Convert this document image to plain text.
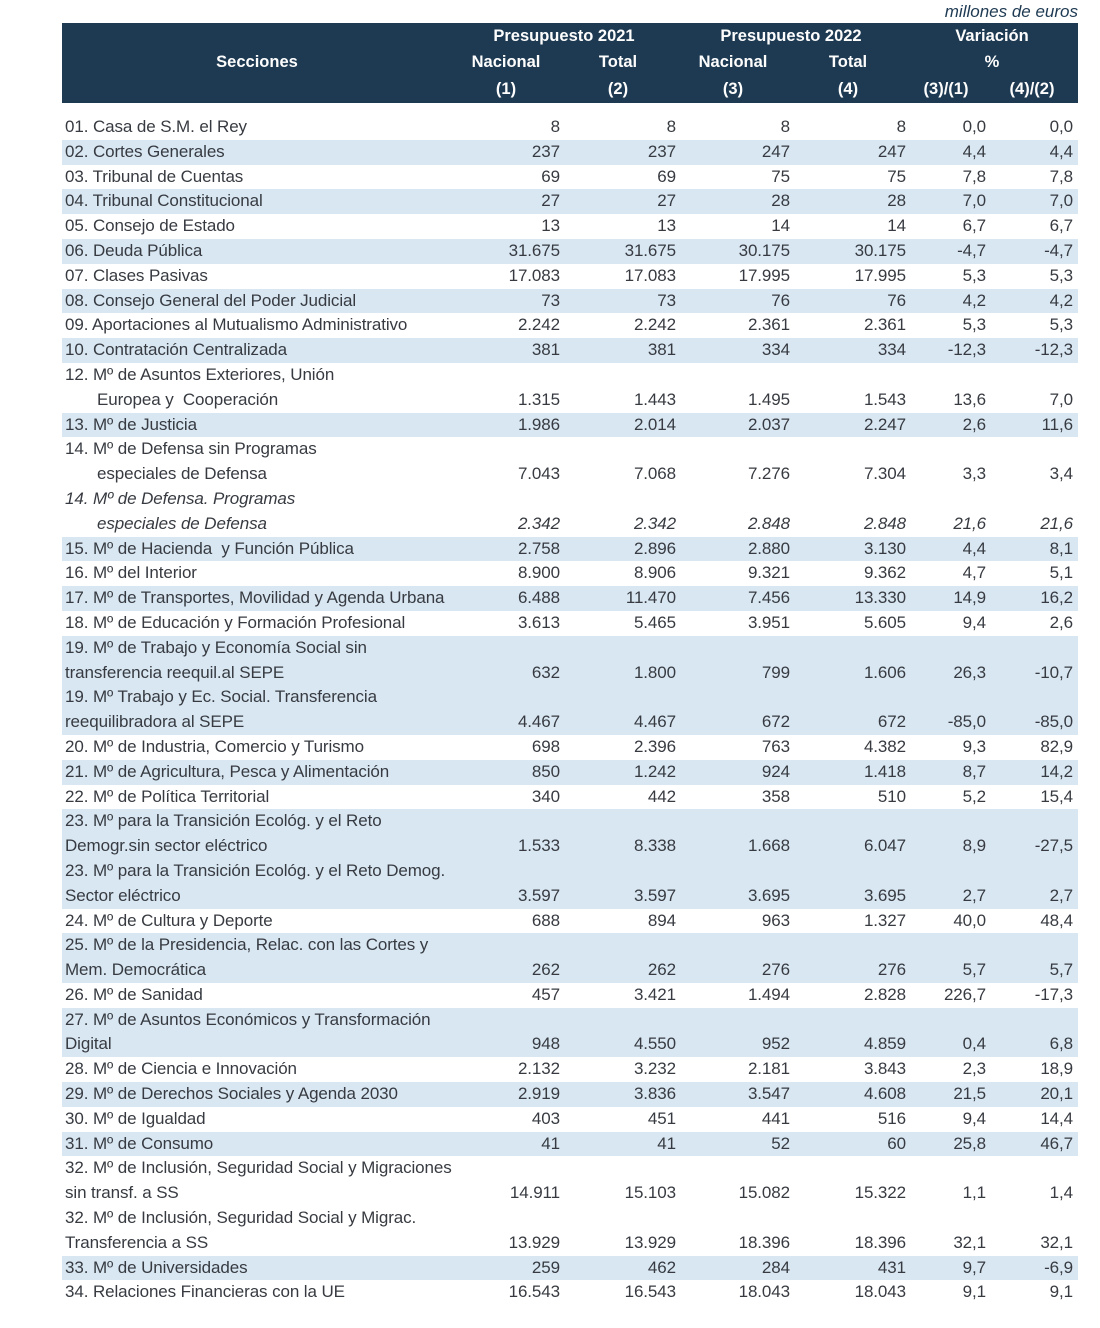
millones de euros
Presupuesto 2021	Presupuesto 2022	Variación
Secciones	Nacional	Total	Nacional	Total	%
(1)	(2)	(3)	(4)	(3)/(1)	(4)/(2)
01. Casa de S.M. el Rey	8	8	8	8	0,0	0,0
02. Cortes Generales	237	237	247	247	4,4	4,4
03. Tribunal de Cuentas	69	69	75	75	7,8	7,8
04. Tribunal Constitucional	27	27	28	28	7,0	7,0
05. Consejo de Estado	13	13	14	14	6,7	6,7
06. Deuda Pública	31.675	31.675	30.175	30.175	-4,7	-4,7
07. Clases Pasivas	17.083	17.083	17.995	17.995	5,3	5,3
08. Consejo General del Poder Judicial	73	73	76	76	4,2	4,2
09. Aportaciones al Mutualismo Administrativo	2.242	2.242	2.361	2.361	5,3	5,3
10. Contratación Centralizada	381	381	334	334	-12,3	-12,3
12. Mº de Asuntos Exteriores, Unión
Europea y  Cooperación	1.315	1.443	1.495	1.543	13,6	7,0
13. Mº de Justicia	1.986	2.014	2.037	2.247	2,6	11,6
14. Mº de Defensa sin Programas
especiales de Defensa	7.043	7.068	7.276	7.304	3,3	3,4
14. Mº de Defensa. Programas
especiales de Defensa	2.342	2.342	2.848	2.848	21,6	21,6
15. Mº de Hacienda  y Función Pública	2.758	2.896	2.880	3.130	4,4	8,1
16. Mº del Interior	8.900	8.906	9.321	9.362	4,7	5,1
17. Mº de Transportes, Movilidad y Agenda Urbana	6.488	11.470	7.456	13.330	14,9	16,2
18. Mº de Educación y Formación Profesional	3.613	5.465	3.951	5.605	9,4	2,6
19. Mº de Trabajo y Economía Social sin
transferencia reequil.al SEPE	632	1.800	799	1.606	26,3	-10,7
19. Mº Trabajo y Ec. Social. Transferencia
reequilibradora al SEPE	4.467	4.467	672	672	-85,0	-85,0
20. Mº de Industria, Comercio y Turismo	698	2.396	763	4.382	9,3	82,9
21. Mº de Agricultura, Pesca y Alimentación	850	1.242	924	1.418	8,7	14,2
22. Mº de Política Territorial	340	442	358	510	5,2	15,4
23. Mº para la Transición Ecológ. y el Reto
Demogr.sin sector eléctrico	1.533	8.338	1.668	6.047	8,9	-27,5
23. Mº para la Transición Ecológ. y el Reto Demog.
Sector eléctrico	3.597	3.597	3.695	3.695	2,7	2,7
24. Mº de Cultura y Deporte	688	894	963	1.327	40,0	48,4
25. Mº de la Presidencia, Relac. con las Cortes y
Mem. Democrática	262	262	276	276	5,7	5,7
26. Mº de Sanidad	457	3.421	1.494	2.828	226,7	-17,3
27. Mº de Asuntos Económicos y Transformación
Digital	948	4.550	952	4.859	0,4	6,8
28. Mº de Ciencia e Innovación	2.132	3.232	2.181	3.843	2,3	18,9
29. Mº de Derechos Sociales y Agenda 2030	2.919	3.836	3.547	4.608	21,5	20,1
30. Mº de Igualdad	403	451	441	516	9,4	14,4
31. Mº de Consumo	41	41	52	60	25,8	46,7
32. Mº de Inclusión, Seguridad Social y Migraciones
sin transf. a SS	14.911	15.103	15.082	15.322	1,1	1,4
32. Mº de Inclusión, Seguridad Social y Migrac.
Transferencia a SS	13.929	13.929	18.396	18.396	32,1	32,1
33. Mº de Universidades	259	462	284	431	9,7	-6,9
34. Relaciones Financieras con la UE	16.543	16.543	18.043	18.043	9,1	9,1
